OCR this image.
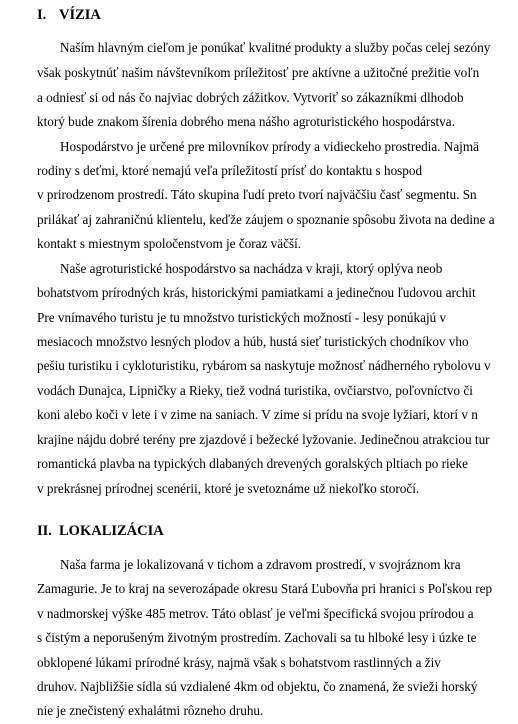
I. VÍZIA

Naším hlavným cieľom je ponúkať kvalitné produkty a služby počas celej sezóny

však poskytnúť našim návštevníkom príležitosť pre aktívne a užitočné prežitie voľn

a odniesť si od nás čo najviac dobrých zážitkov. Vytvoriť so zákazníkmi dlhodob

ktorý bude znakom šírenia dobrého mena nášho agroturistického hospodárstva.

Hospodárstvo je určené pre milovníkov prírody a vidieckeho prostredia. Najmä

rodiny s deťmi, ktoré nemajú veľa príležitostí prísť do kontaktu s hospod

v prirodzenom prostredí. Táto skupina ľudí preto tvorí najväčšiu časť segmentu. Sn

prilákať aj zahraničnú klientelu, keďže záujem o spoznanie spôsobu života na dedine a

kontakt s miestnym spoločenstvom je čoraz väčší.

Naše agroturistické hospodárstvo sa nachádza v kraji, ktorý oplýva neob

bohatstvom prírodných krás, historickými pamiatkami a jedinečnou ľudovou archit

Pre vnímavého turistu je tu množstvo turistických možností - lesy ponúkajú v

mesiacoch množstvo lesných plodov a húb, hustá sieť turistických chodníkov vho

pešiu turistiku i cykloturistiku, rybárom sa naskytuje možnosť nádherného rybolovu v

vodách Dunajca, Lipničky a Rieky, tiež vodná turistika, ovčiarstvo, poľovníctvo či

koni alebo koči v lete i v zime na saniach. V zime si prídu na svoje lyžiari, ktorí v n

krajine nájdu dobré terény pre zjazdové i bežecké lyžovanie. Jedinečnou atrakciou tur

romantická plavba na typických dlabaných drevených goralských pltiach po rieke

v prekrásnej prírodnej scenérii, ktoré je svetoznáme už niekoľko storočí.

II. LOKALIZÁCIA

Naša farma je lokalizovaná v tichom a zdravom prostredí, v svojráznom kra

Zamagurie. Je to kraj na severozápade okresu Stará Ľubovňa pri hranici s Poľskou rep

v nadmorskej výške 485 metrov. Táto oblasť je veľmi špecifická svojou prírodou a

s čistým a neporušeným životným prostredím. Zachovali sa tu hlboké lesy i úzke te

obklopené lúkami prírodné krásy, najmä však s bohatstvom rastlinných a živ

druhov. Najbližšie sídla sú vzdialené 4km od objektu, čo znamená, že svieži horský

nie je znečistený exhalátmi rôzneho druhu.
